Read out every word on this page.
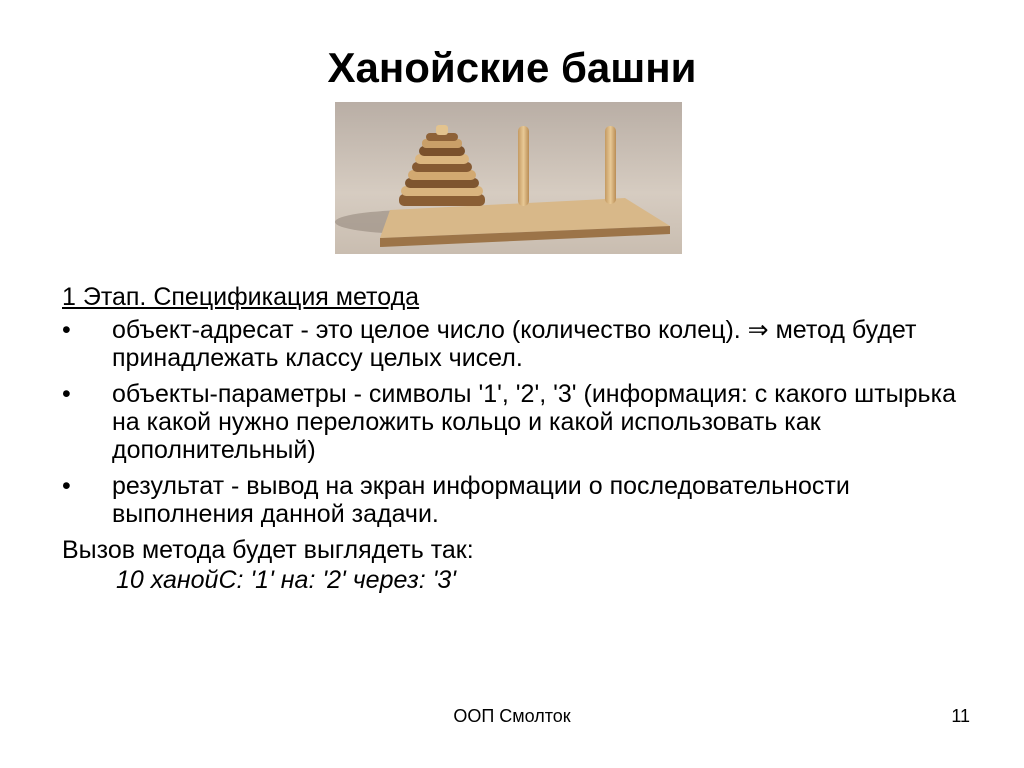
Ханойские башни

1 Этап. Спецификация метода

• объект-адресат - это целое число (количество колец). ⇒ метод будет принадлежать классу целых чисел.
• объекты-параметры - символы '1', '2', '3' (информация: с какого штырька на какой нужно переложить кольцо и какой использовать как дополнительный)
• результат - вывод на экран информации о последовательности выполнения данной задачи.

Вызов метода будет выглядеть так:

10 ханойС: '1' на: '2' через: '3'

ООП Смолток	11
